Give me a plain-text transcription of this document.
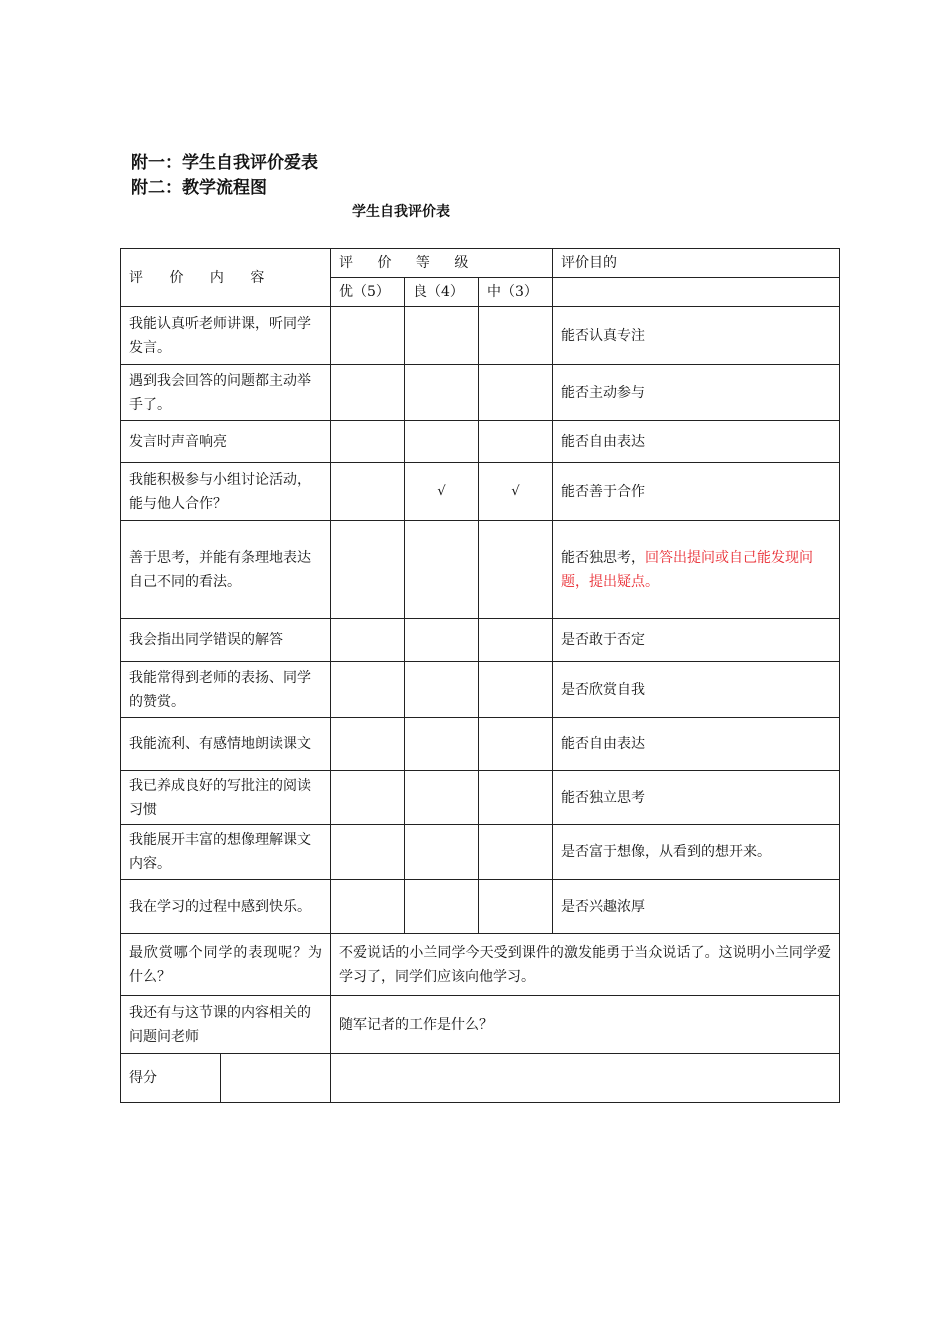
附一：学生自我评价爱表
附二：教学流程图
学生自我评价表
评 价 内 容		评 价 等 级			评价目的
		优（5）	良（4）	中（3）	
我能认真听老师讲课，听同学发言。					能否认真专注
遇到我会回答的问题都主动举手了。					能否主动参与
发言时声音响亮					能否自由表达
我能积极参与小组讨论活动，能与他人合作？			√	√	能否善于合作
善于思考，并能有条理地表达自己不同的看法。					能否独思考，回答出提问或自己能发现问题，提出疑点。
我会指出同学错误的解答					是否敢于否定
我能常得到老师的表扬、同学的赞赏。					是否欣赏自我
我能流利、有感情地朗读课文					能否自由表达
我已养成良好的写批注的阅读习惯					能否独立思考
我能展开丰富的想像理解课文内容。					是否富于想像，从看到的想开来。
我在学习的过程中感到快乐。					是否兴趣浓厚
最欣赏哪个同学的表现呢？为什么？		不爱说话的小兰同学今天受到课件的激发能勇于当众说话了。这说明小兰同学爱学习了，同学们应该向他学习。			
我还有与这节课的内容相关的问题问老师		随军记者的工作是什么？			
得分					
